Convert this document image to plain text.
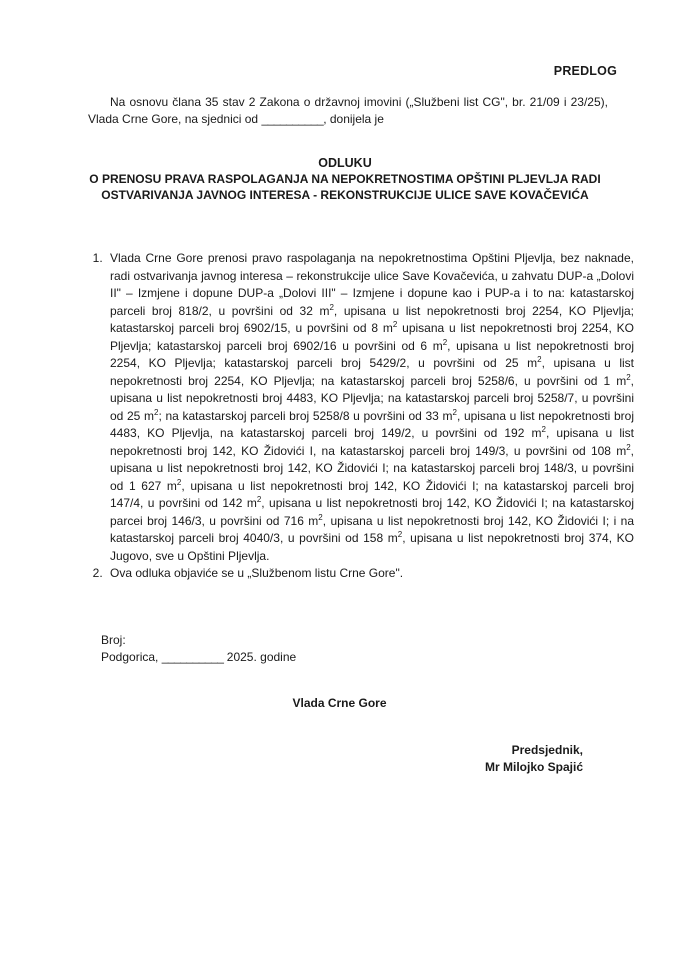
PREDLOG
Na osnovu člana 35 stav 2 Zakona o državnoj imovini („Službeni list CG", br. 21/09 i 23/25), Vlada Crne Gore, na sjednici od __________, donijela je
ODLUKU
O PRENOSU PRAVA RASPOLAGANJA NA NEPOKRETNOSTIMA OPŠTINI PLJEVLJA RADI OSTVARIVANJA JAVNOG INTERESA - REKONSTRUKCIJE ULICE SAVE KOVAČEVIĆA
1. Vlada Crne Gore prenosi pravo raspolaganja na nepokretnostima Opštini Pljevlja, bez naknade, radi ostvarivanja javnog interesa – rekonstrukcije ulice Save Kovačevića, u zahvatu DUP-a „Dolovi II" – Izmjene i dopune DUP-a „Dolovi III" – Izmjene i dopune kao i PUP-a i to na: katastarskoj parceli broj 818/2, u površini od 32 $m^2$, upisana u list nepokretnosti broj 2254, KO Pljevlja; katastarskoj parceli broj 6902/15, u površini od 8 $m^2$ upisana u list nepokretnosti broj 2254, KO Pljevlja; katastarskoj parceli broj 6902/16 u površini od 6 $m^2$, upisana u list nepokretnosti broj 2254, KO Pljevlja; katastarskoj parceli broj 5429/2, u površini od 25 $m^2$, upisana u list nepokretnosti broj 2254, KO Pljevlja; na katastarskoj parceli broj 5258/6, u površini od 1 $m^2$, upisana u list nepokretnosti broj 4483, KO Pljevlja; na katastarskoj parceli broj 5258/7, u površini od 25 $m^2$; na katastarskoj parceli broj 5258/8 u površini od 33 $m^2$, upisana u list nepokretnosti broj 4483, KO Pljevlja, na katastarskoj parceli broj 149/2, u površini od 192 $m^2$, upisana u list nepokretnosti broj 142, KO Židovići I, na katastarskoj parceli broj 149/3, u površini od 108 $m^2$, upisana u list nepokretnosti broj 142, KO Židovići I; na katastarskoj parceli broj 148/3, u površini od 1 627 $m^2$, upisana u list nepokretnosti broj 142, KO Židovići I; na katastarskoj parceli broj 147/4, u površini od 142 $m^2$, upisana u list nepokretnosti broj 142, KO Židovići I; na katastarskoj parcei broj 146/3, u površini od 716 $m^2$, upisana u list nepokretnosti broj 142, KO Židovići I; i na katastarskoj parceli broj 4040/3, u površini od 158 $m^2$, upisana u list nepokretnosti broj 374, KO Jugovo, sve u Opštini Pljevlja.
2. Ova odluka objaviće se u „Službenom listu Crne Gore".
Broj:
Podgorica, __________ 2025. godine
Vlada Crne Gore
Predsjednik,
Mr Milojko Spajić
